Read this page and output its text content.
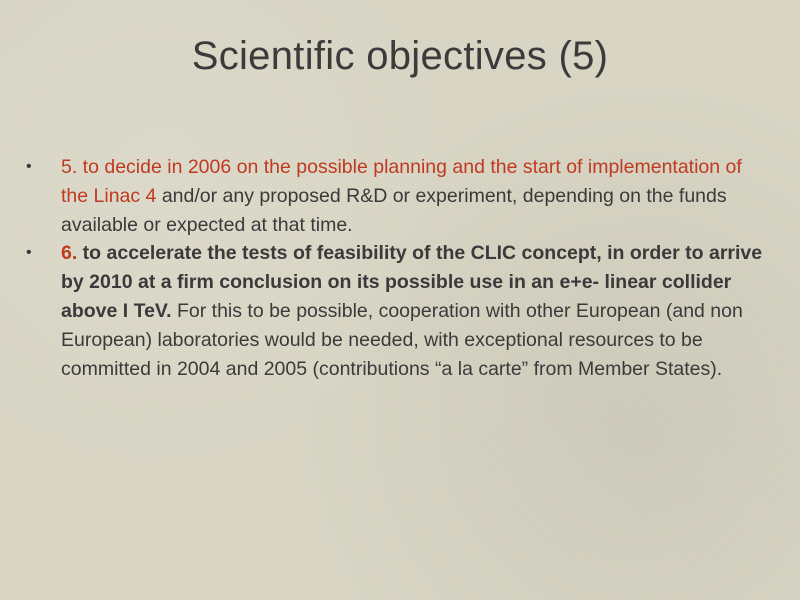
Scientific objectives (5)
• 5. to decide in 2006 on the possible planning and the start of implementation of the Linac 4 and/or any proposed R&D or experiment, depending on the funds available or expected at that time.
• 6. to accelerate the tests of feasibility of the CLIC concept, in order to arrive by 2010 at a firm conclusion on its possible use in an e+e- linear collider above I TeV. For this to be possible, cooperation with other European (and non European) laboratories would be needed, with exceptional resources to be committed in 2004 and 2005 (contributions “a la carte” from Member States).
